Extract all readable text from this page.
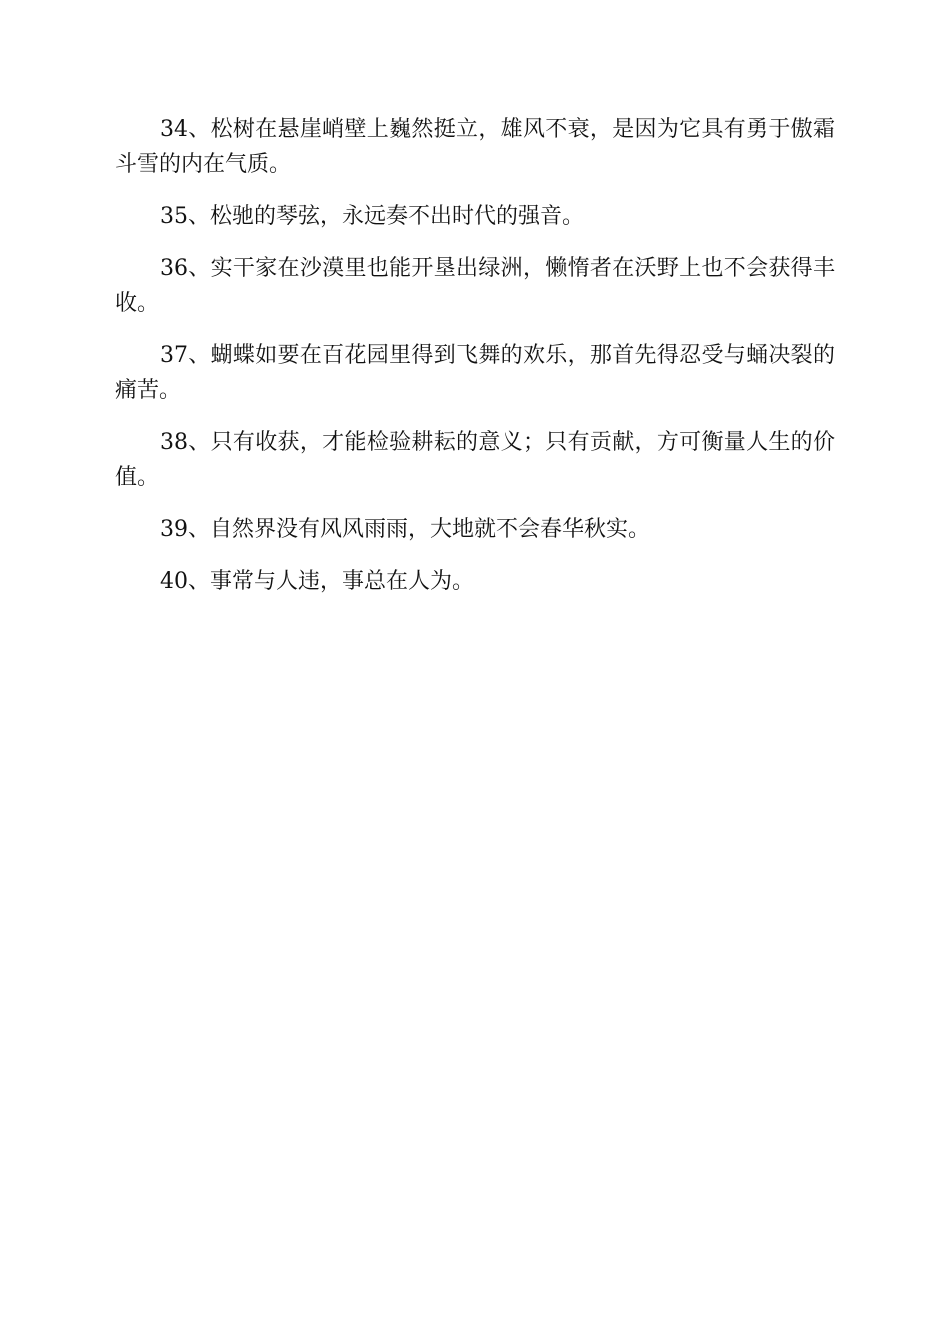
34、松树在悬崖峭壁上巍然挺立，雄风不衰，是因为它具有勇于傲霜斗雪的内在气质。

35、松驰的琴弦，永远奏不出时代的强音。

36、实干家在沙漠里也能开垦出绿洲，懒惰者在沃野上也不会获得丰收。

37、蝴蝶如要在百花园里得到飞舞的欢乐，那首先得忍受与蛹决裂的痛苦。

38、只有收获，才能检验耕耘的意义；只有贡献，方可衡量人生的价值。

39、自然界没有风风雨雨，大地就不会春华秋实。

40、事常与人违，事总在人为。
